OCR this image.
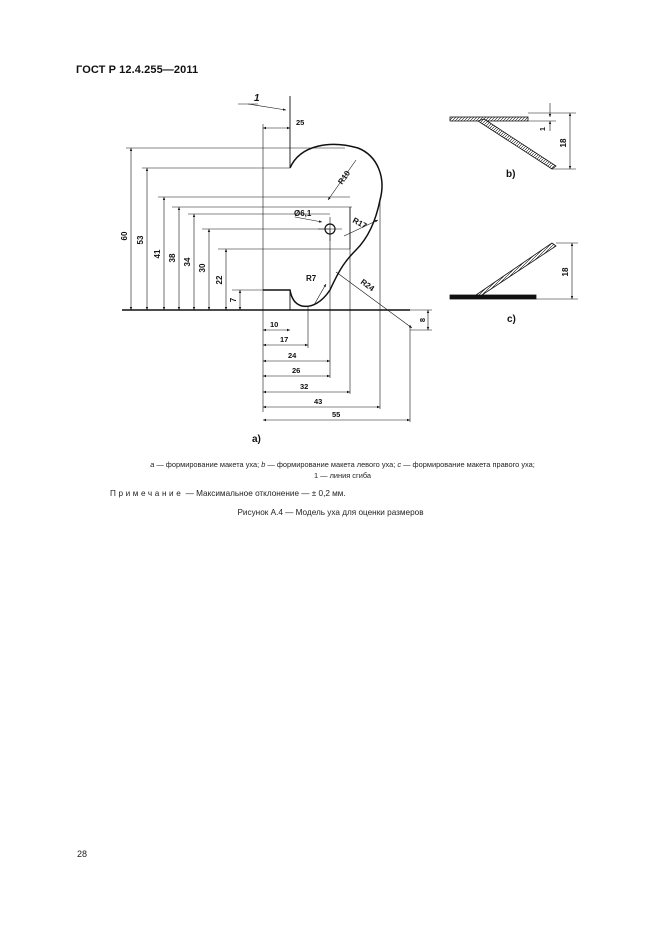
ГОСТ Р 12.4.255—2011
60 53
41 38 34
30
22
7
25
10
17
24
26
32
43
55
R10
R17
R7	R24
Ø6,1
8
1
a)
18
1
b)
18
c)
a — формирование макета уха; b — формирование макета левого уха; c — формирование макета правого уха;
1 — линия сгиба
Примечание — Максимальное отклонение — ± 0,2 мм.
Рисунок А.4 — Модель уха для оценки размеров
28
